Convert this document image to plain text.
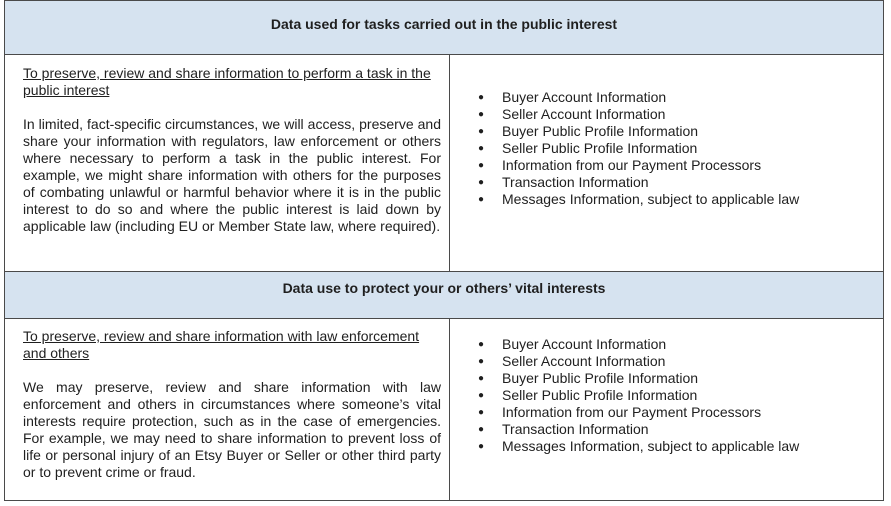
Data used for tasks carried out in the public interest

To preserve, review and share information to perform a task in the public interest

In limited, fact-specific circumstances, we will access, preserve and share your information with regulators, law enforcement or others where necessary to perform a task in the public interest. For example, we might share information with others for the purposes of combating unlawful or harmful behavior where it is in the public interest to do so and where the public interest is laid down by applicable law (including EU or Member State law, where required).

● Buyer Account Information
● Seller Account Information
● Buyer Public Profile Information
● Seller Public Profile Information
● Information from our Payment Processors
● Transaction Information
● Messages Information, subject to applicable law
Data use to protect your or others’ vital interests

To preserve, review and share information with law enforcement and others

We may preserve, review and share information with law enforcement and others in circumstances where someone’s vital interests require protection, such as in the case of emergencies. For example, we may need to share information to prevent loss of life or personal injury of an Etsy Buyer or Seller or other third party or to prevent crime or fraud.

● Buyer Account Information
● Seller Account Information
● Buyer Public Profile Information
● Seller Public Profile Information
● Information from our Payment Processors
● Transaction Information
● Messages Information, subject to applicable law
